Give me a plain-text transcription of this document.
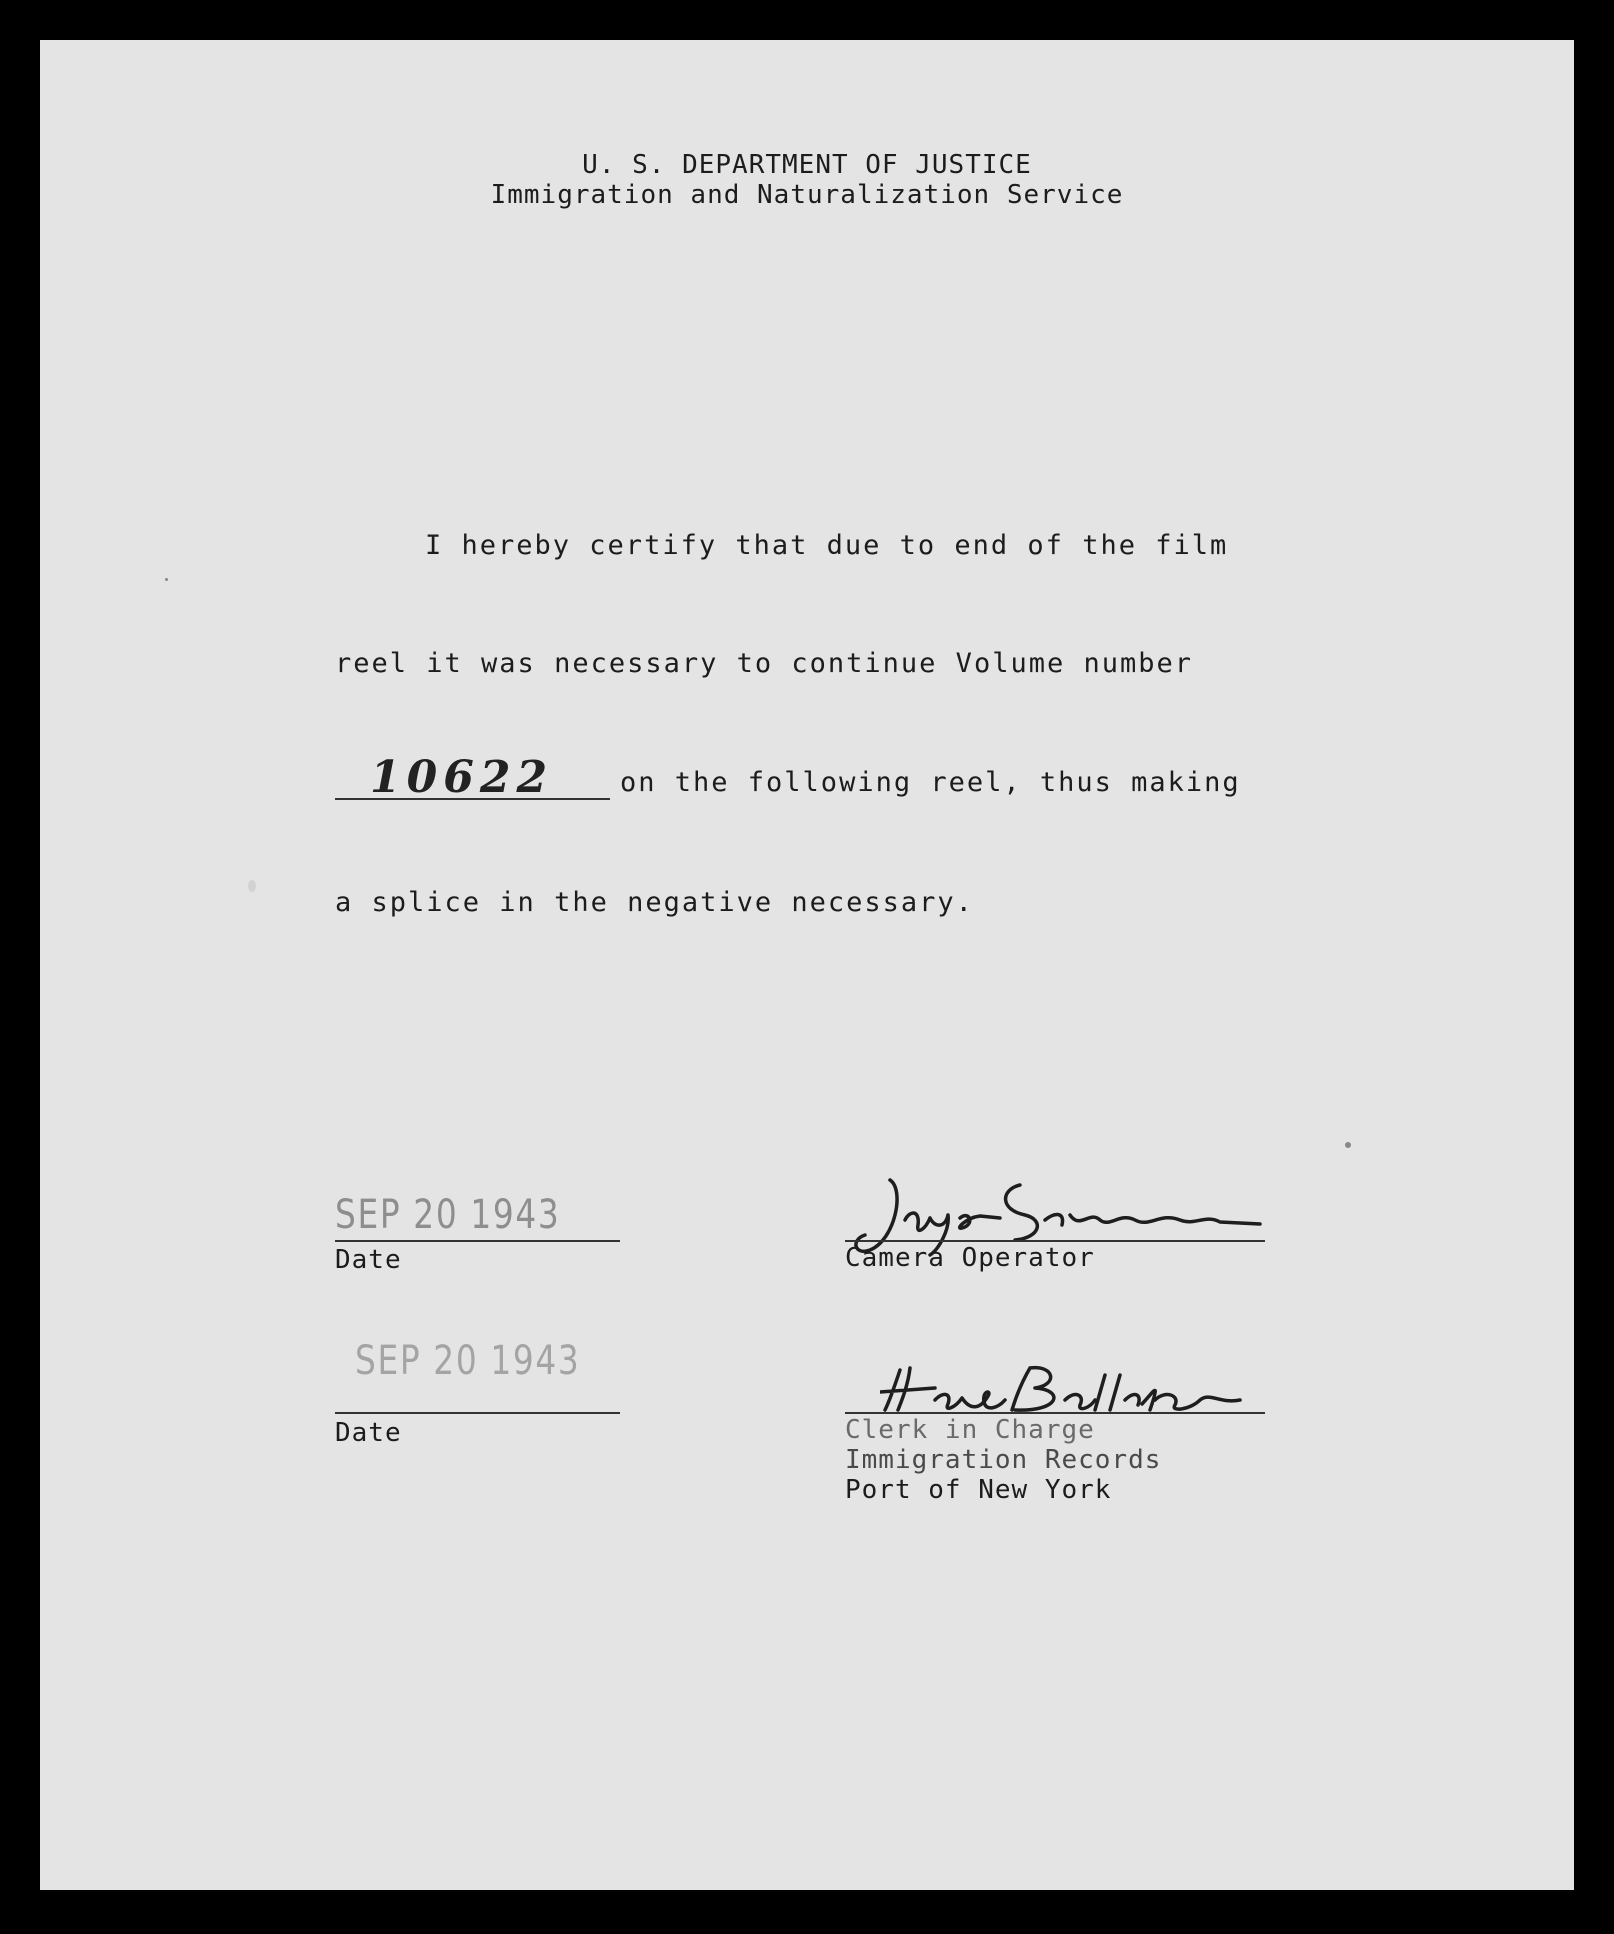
U. S. DEPARTMENT OF JUSTICE
Immigration and Naturalization Service

I hereby certify that due to end of the film

reel it was necessary to continue Volume number

10622 on the following reel, thus making

a splice in the negative necessary.

SEP 20 1943

Date	Camera Operator

SEP 20 1943

Date	Clerk in Charge

Immigration Records

Port of New York
